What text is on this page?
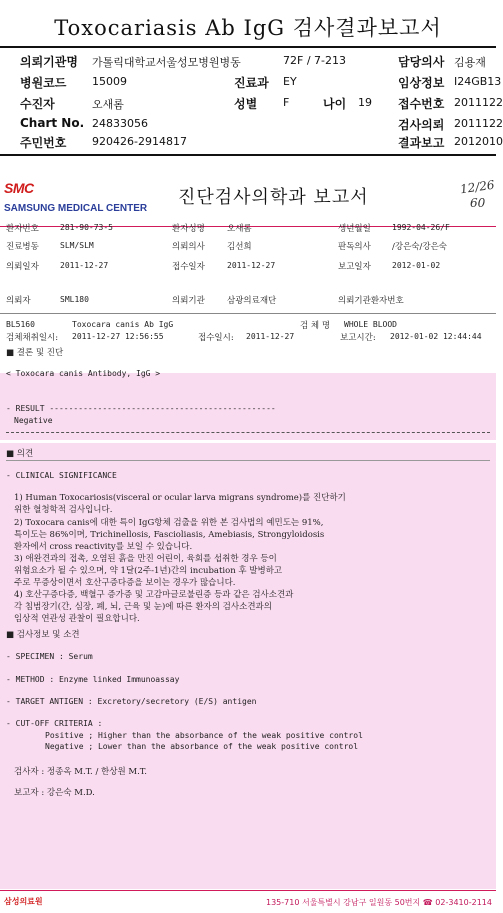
Toxocariasis Ab IgG 검사결과보고서
의뢰기관명 가톨릭대학교서울성모병원병동	72F / 7-213	담당의사 김용재
병원코드 15009	진료과 EY	임상정보 I24GB13
수진자	오새롬	성별 F	나이 19 접수번호 2011122
Chart No. 24833056	검사의뢰 2011122
주민번호 920426-2914817	결과보고 2012010
SMC
SAMSUNG MEDICAL CENTER
진단검사의학과 보고서	12/26
60
환자번호	281-90-73-5	환자성명	오새롬	생년월일	1992-04-26/F
진료병동	SLM/SLM	의뢰의사	김선희	판독의사 /강은숙/강은숙
의뢰일자	2011-12-27	접수일자	2011-12-27	보고일자	2012-01-02
의뢰자	SML180	의뢰기관	삼광의료재단	의뢰기관환자번호
BL5160	Toxocara canis Ab IgG	검 체 명 WHOLE BLOOD
검체채취일시: 2011-12-27 12:56:55	접수일시: 2011-12-27	보고시간: 2012-01-02 12:44:44
■ 결론 및 진단
< Toxocara canis Antibody, IgG >
- RESULT -----------------------------------------------
Negative
■ 의견
- CLINICAL SIGNIFICANCE
1) Human Toxocariosis(visceral or ocular larva migrans syndrome)를 진단하기
위한 혈청학적 검사입니다.
2) Toxocara canis에 대한 특이 IgG항체 검출을 위한 본 검사법의 예민도는 91%,
특이도는 86%이며, Trichinellosis, Fascioliasis, Amebiasis, Strongyloidosis
환자에서 cross reactivity를 보일 수 있습니다.
3) 애완견과의 접촉, 오염된 흙을 만진 어린이, 육회를 섭취한 경우 등이
위험요소가 될 수 있으며, 약 1달(2주-1년)간의 incubation 후 발병하고
주로 무증상이면서 호산구증다증을 보이는 경우가 많습니다.
4) 호산구증다증, 백혈구 증가증 및 고감마글로불린증 등과 같은 검사소견과
각 침범장기(간, 심장, 폐, 뇌, 근육 및 눈)에 따른 환자의 검사소견과의
임상적 연관성 관찰이 필요합니다.
■ 검사정보 및 소견
- SPECIMEN : Serum
- METHOD : Enzyme linked Immunoassay
- TARGET ANTIGEN : Excretory/secretory (E/S) antigen
- CUT-OFF CRITERIA :
Positive ; Higher than the absorbance of the weak positive control
Negative ; Lower than the absorbance of the weak positive control
검사자 : 정종옥 M.T. / 한상원 M.T.
보고자 : 강은숙 M.D.
삼성의료원	135-710 서울특별시 강남구 일원동 50번지 ☎ 02-3410-2114
